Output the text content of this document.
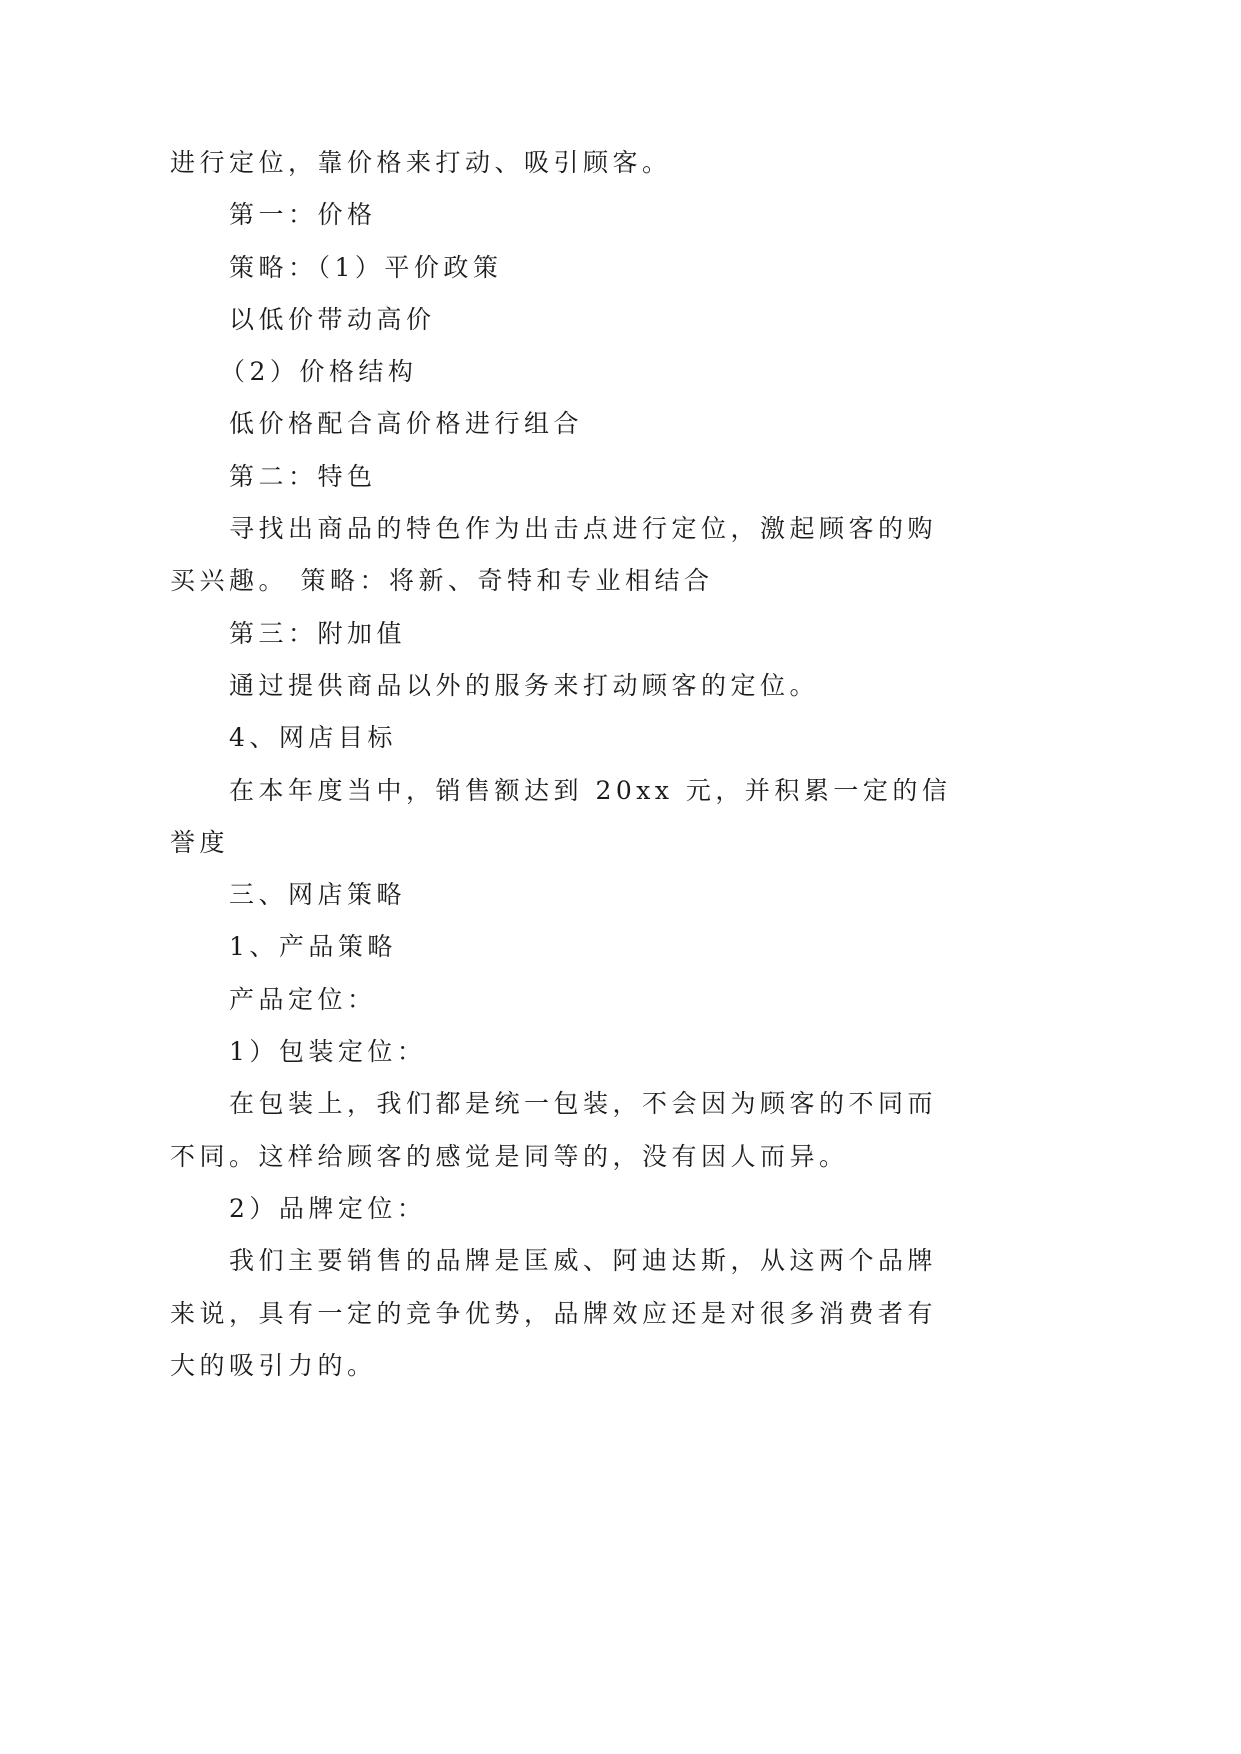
进行定位，靠价格来打动、吸引顾客。
第一：价格
策略：（1）平价政策
以低价带动高价
（2）价格结构
低价格配合高价格进行组合
第二：特色
寻找出商品的特色作为出击点进行定位，激起顾客的购
买兴趣。 策略：将新、奇特和专业相结合
第三：附加值
通过提供商品以外的服务来打动顾客的定位。
4、网店目标
在本年度当中，销售额达到 20xx 元，并积累一定的信
誉度
三、网店策略
1、产品策略
产品定位：
1）包装定位：
在包装上，我们都是统一包装，不会因为顾客的不同而
不同。这样给顾客的感觉是同等的，没有因人而异。
2）品牌定位：
我们主要销售的品牌是匡威、阿迪达斯，从这两个品牌
来说，具有一定的竞争优势，品牌效应还是对很多消费者有
大的吸引力的。
